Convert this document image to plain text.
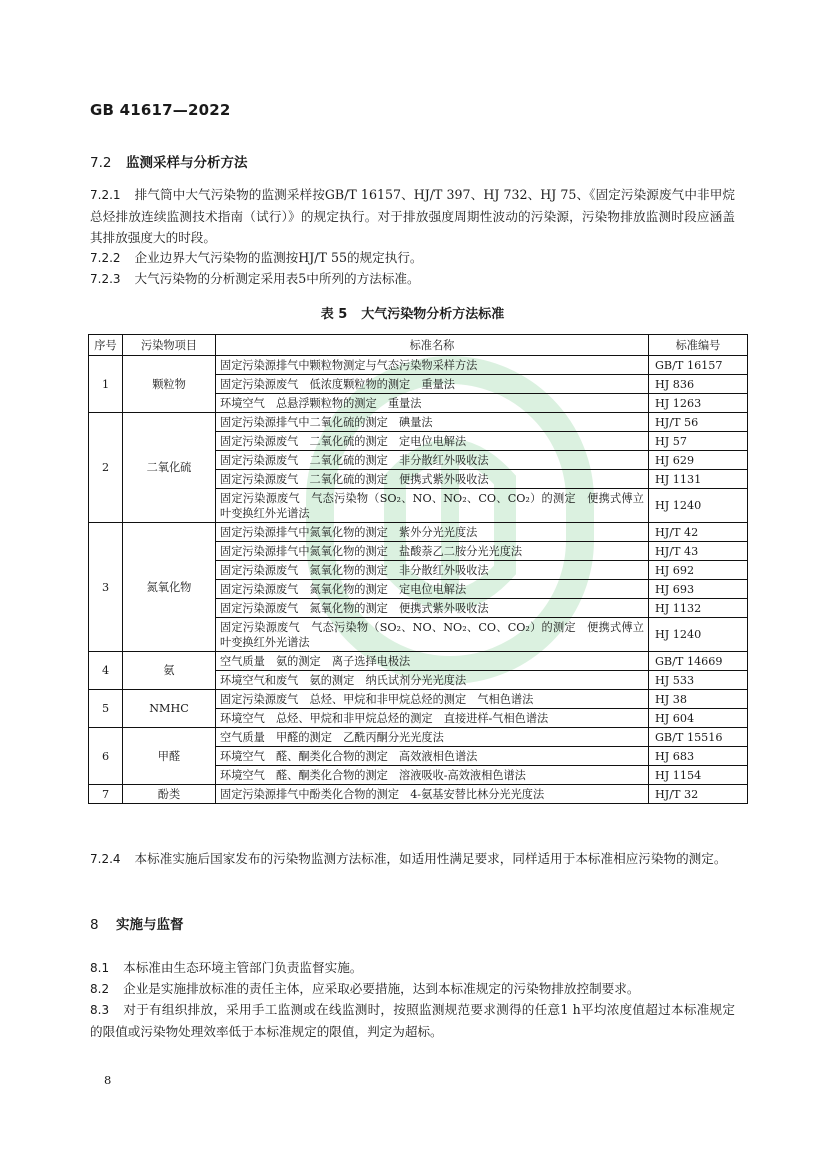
GB 41617—2022
7.2 监测采样与分析方法
7.2.1 排气筒中大气污染物的监测采样按GB/T 16157、HJ/T 397、HJ 732、HJ 75、《固定污染源废气中非甲烷总烃排放连续监测技术指南（试行）》的规定执行。对于排放强度周期性波动的污染源，污染物排放监测时段应涵盖其排放强度大的时段。
7.2.2 企业边界大气污染物的监测按HJ/T 55的规定执行。
7.2.3 大气污染物的分析测定采用表5中所列的方法标准。
表 5 大气污染物分析方法标准
序号	污染物项目	标准名称	标准编号
1	颗粒物	固定污染源排气中颗粒物测定与气态污染物采样方法	GB/T 16157
		固定污染源废气　低浓度颗粒物的测定　重量法	HJ 836
		环境空气　总悬浮颗粒物的测定　重量法	HJ 1263
2	二氧化硫	固定污染源排气中二氧化硫的测定　碘量法	HJ/T 56
		固定污染源废气　二氧化硫的测定　定电位电解法	HJ 57
		固定污染源废气　二氧化硫的测定　非分散红外吸收法	HJ 629
		固定污染源废气　二氧化硫的测定　便携式紫外吸收法	HJ 1131
		固定污染源废气　气态污染物（SO₂、NO、NO₂、CO、CO₂）的测定　便携式傅立叶变换红外光谱法	HJ 1240
3	氮氧化物	固定污染源排气中氮氧化物的测定　紫外分光光度法	HJ/T 42
		固定污染源排气中氮氧化物的测定　盐酸萘乙二胺分光光度法	HJ/T 43
		固定污染源废气　氮氧化物的测定　非分散红外吸收法	HJ 692
		固定污染源废气　氮氧化物的测定　定电位电解法	HJ 693
		固定污染源废气　氮氧化物的测定　便携式紫外吸收法	HJ 1132
		固定污染源废气　气态污染物（SO₂、NO、NO₂、CO、CO₂）的测定　便携式傅立叶变换红外光谱法	HJ 1240
4	氨	空气质量　氨的测定　离子选择电极法	GB/T 14669
		环境空气和废气　氨的测定　纳氏试剂分光光度法	HJ 533
5	NMHC	固定污染源废气　总烃、甲烷和非甲烷总烃的测定　气相色谱法	HJ 38
		环境空气　总烃、甲烷和非甲烷总烃的测定　直接进样-气相色谱法	HJ 604
6	甲醛	空气质量　甲醛的测定　乙酰丙酮分光光度法	GB/T 15516
		环境空气　醛、酮类化合物的测定　高效液相色谱法	HJ 683
		环境空气　醛、酮类化合物的测定　溶液吸收-高效液相色谱法	HJ 1154
7	酚类	固定污染源排气中酚类化合物的测定　4-氨基安替比林分光光度法	HJ/T 32
7.2.4 本标准实施后国家发布的污染物监测方法标准，如适用性满足要求，同样适用于本标准相应污染物的测定。
8 实施与监督
8.1 本标准由生态环境主管部门负责监督实施。
8.2 企业是实施排放标准的责任主体，应采取必要措施，达到本标准规定的污染物排放控制要求。
8.3 对于有组织排放，采用手工监测或在线监测时，按照监测规范要求测得的任意1 h平均浓度值超过本标准规定的限值或污染物处理效率低于本标准规定的限值，判定为超标。
8
